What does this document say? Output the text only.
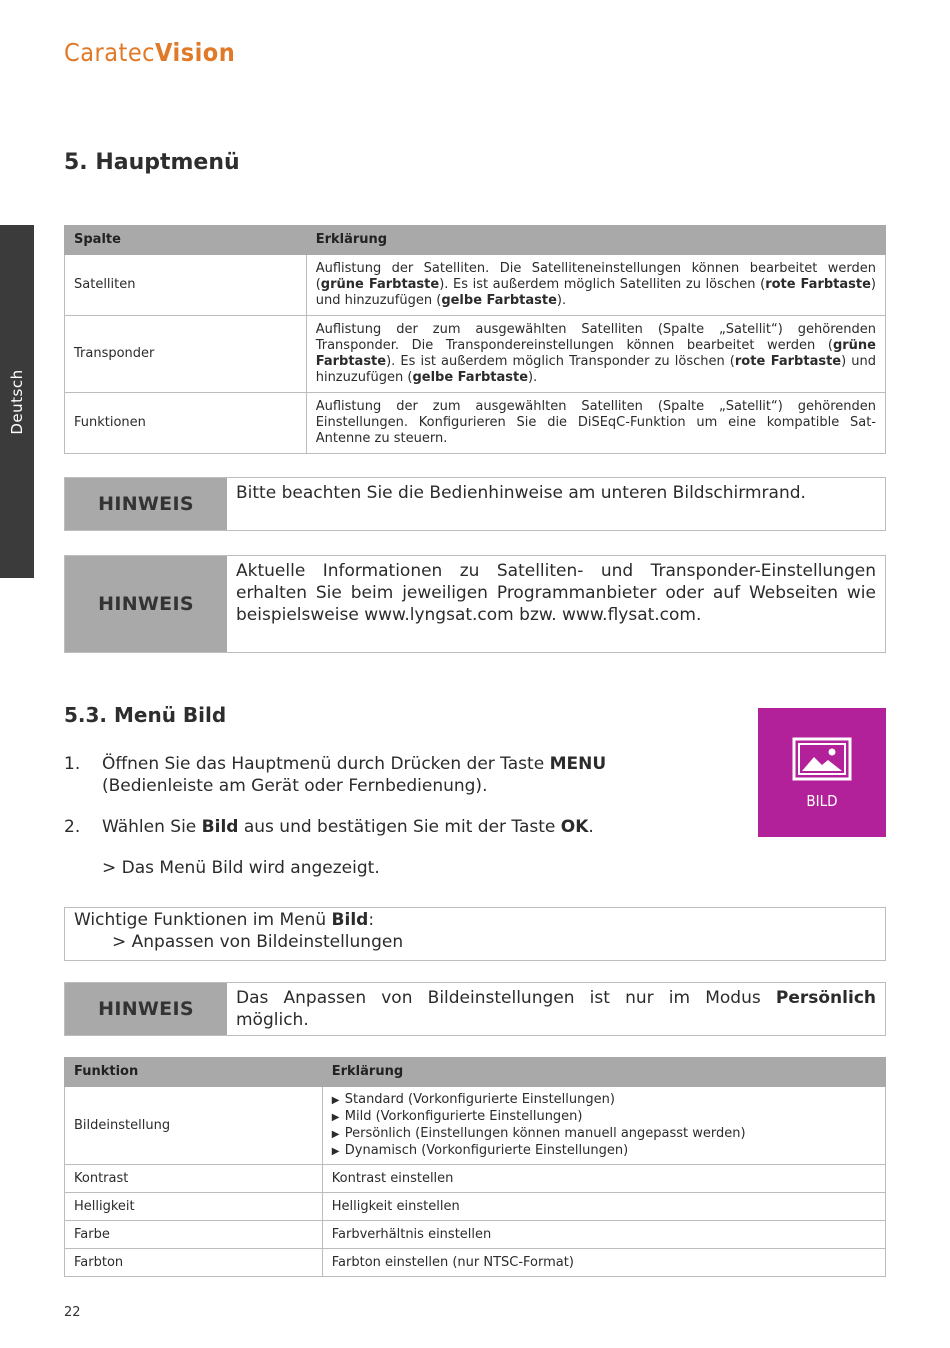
CaratecVision
Deutsch
5. Hauptmenü
Spalte	Erklärung
Satelliten	Auflistung der Satelliten. Die Satelliteneinstellungen können bearbeitet werden (grüne Farbtaste). Es ist außerdem möglich Satelliten zu löschen (rote Farbtaste) und hinzuzufügen (gelbe Farbtaste).
Transponder	Auflistung der zum ausgewählten Satelliten (Spalte „Satellit“) gehörenden Transponder. Die Transpondereinstellungen können bearbeitet werden (grüne Farbtaste). Es ist außerdem möglich Transponder zu löschen (rote Farbtaste) und hinzuzufügen (gelbe Farbtaste).
Funktionen	Auflistung der zum ausgewählten Satelliten (Spalte „Satellit“) gehörenden Einstellungen. Konfigurieren Sie die DiSEqC-Funktion um eine kompatible Sat-Antenne zu steuern.
HINWEIS	Bitte beachten Sie die Bedienhinweise am unteren Bildschirmrand.
HINWEIS
Aktuelle Informationen zu Satelliten- und Transponder-Einstellungen erhalten Sie beim jeweiligen Programmanbieter oder auf Webseiten wie beispielsweise www.lyngsat.com bzw. www.flysat.com.
5.3. Menü Bild
1. Öffnen Sie das Hauptmenü durch Drücken der Taste MENU
(Bedienleiste am Gerät oder Fernbedienung).
2. Wählen Sie Bild aus und bestätigen Sie mit der Taste OK.
> Das Menü Bild wird angezeigt.
BILD
Wichtige Funktionen im Menü Bild:
> Anpassen von Bildeinstellungen
HINWEIS	Das Anpassen von Bildeinstellungen ist nur im Modus Persönlich möglich.
Funktion	Erklärung
Bildeinstellung	▶ Standard (Vorkonfigurierte Einstellungen)
▶ Mild (Vorkonfigurierte Einstellungen)
▶ Persönlich (Einstellungen können manuell angepasst werden)
▶ Dynamisch (Vorkonfigurierte Einstellungen)

Kontrast	Kontrast einstellen
Helligkeit	Helligkeit einstellen
Farbe	Farbverhältnis einstellen
Farbton	Farbton einstellen (nur NTSC-Format)
22
